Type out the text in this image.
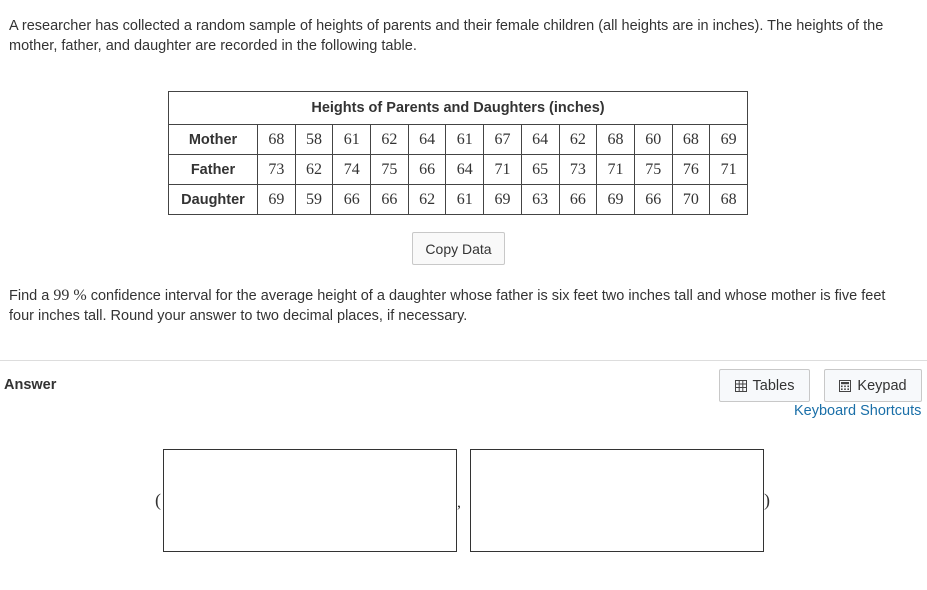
A researcher has collected a random sample of heights of parents and their female children (all heights are in inches). The heights of the mother, father, and daughter are recorded in the following table.
Heights of Parents and Daughters (inches)													
Mother	68	58	61	62	64	61	67	64	62	68	60	68	69
Father	73	62	74	75	66	64	71	65	73	71	75	76	71
Daughter	69	59	66	66	62	61	69	63	66	69	66	70	68
Copy Data
Find a 99 % confidence interval for the average height of a daughter whose father is six feet two inches tall and whose mother is five feet four inches tall. Round your answer to two decimal places, if necessary.
Answer	Tables	Keypad
Keyboard Shortcuts
(	,	)
